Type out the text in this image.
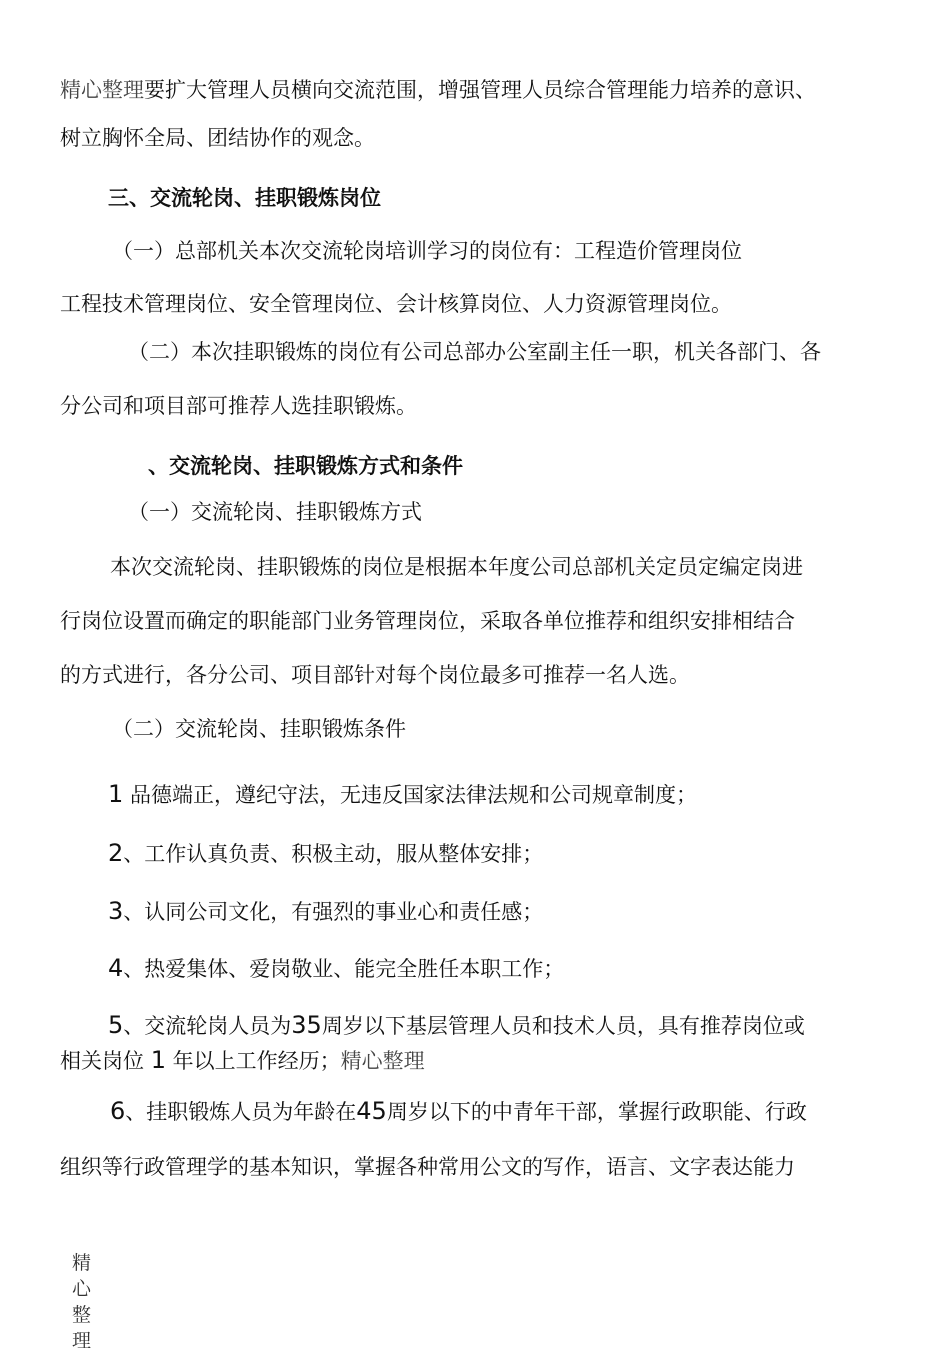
精心整理要扩大管理人员横向交流范围，增强管理人员综合管理能力培养的意识、

树立胸怀全局、团结协作的观念。

三、交流轮岗、挂职锻炼岗位

（一）总部机关本次交流轮岗培训学习的岗位有：工程造价管理岗位

工程技术管理岗位、安全管理岗位、会计核算岗位、人力资源管理岗位。

（二）本次挂职锻炼的岗位有公司总部办公室副主任一职，机关各部门、各

分公司和项目部可推荐人选挂职锻炼。

、交流轮岗、挂职锻炼方式和条件

（一）交流轮岗、挂职锻炼方式

本次交流轮岗、挂职锻炼的岗位是根据本年度公司总部机关定员定编定岗进

行岗位设置而确定的职能部门业务管理岗位，采取各单位推荐和组织安排相结合

的方式进行，各分公司、项目部针对每个岗位最多可推荐一名人选。

（二）交流轮岗、挂职锻炼条件

1 品德端正，遵纪守法，无违反国家法律法规和公司规章制度；

2、工作认真负责、积极主动，服从整体安排；

3、认同公司文化，有强烈的事业心和责任感；

4、热爱集体、爱岗敬业、能完全胜任本职工作；

5、交流轮岗人员为35周岁以下基层管理人员和技术人员，具有推荐岗位或

相关岗位 1 年以上工作经历；精心整理

6、挂职锻炼人员为年龄在45周岁以下的中青年干部，掌握行政职能、行政

组织等行政管理学的基本知识，掌握各种常用公文的写作，语言、文字表达能力

精心整理
